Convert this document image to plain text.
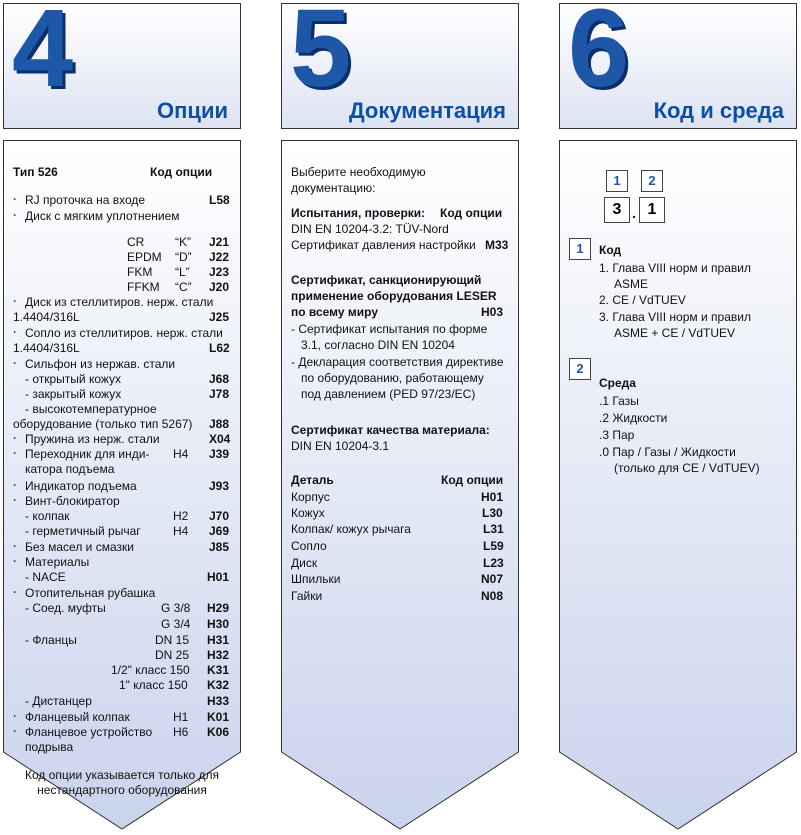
4
Опции
5
Документация
6
Код и среда
Тип 526	Код опции
· RJ проточка на входе	L58
· Диск с мягким уплотнением
CR	“K” J21
EPDM “D” J22
FKM “L” J23
FFKM “C” J20
· Диск из стеллитиров. нерж. стали
1.4404/316L	J25
· Сопло из стеллитиров. нерж. стали
1.4404/316L	L62
· Сильфон из нержав. стали
- открытый кожух	J68
- закрытый кожух	J78
- высокотемпературное
оборудование (только тип 5267) J88
· Пружина из нерж. стали	X04
· Переходник для инди- H4 J39
катора подъема
· Индикатор подъема	J93
· Винт-блокиратор
- колпак	H2 J70
- герметичный рычаг	H4 J69
· Без масел и смазки	J85
· Материалы
- NACE	H01
· Отопительная рубашка
- Соед. муфты	G 3/8 H29
G 3/4 H30
- Фланцы	DN 15 H31
DN 25 H32
1/2" класс 150 K31
1" класс 150 K32
- Дистанцер	H33
· Фланцевый колпак	H1 K01
· Фланцевое устройство H6 K06
подрыва
Код опции указывается только для
нестандартного оборудования
Выберите необходимую
документацию:
Испытания, проверки: Код опции
DIN EN 10204-3.2: TÜV-Nord
Сертификат давления настройки M33
Сертификат, санкционирующий
применение оборудования LESER
по всему миру	H03
- Сертификат испытания по форме
3.1, согласно DIN EN 10204
- Декларация соответствия директиве
по оборудованию, работающему
под давлением (PED 97/23/EC)
Сертификат качества материала:
DIN EN 10204-3.1
Деталь	Код опции
Корпус	H01
Кожух	L30
Колпак/ кожух рычага	L31
Сопло	L59
Диск	L23
Шпильки	N07
Гайки	N08
1	2
3 . 1
1	Код
1. Глава VIII норм и правил
ASME
2. CE / VdTUEV
3. Глава VIII норм и правил
ASME + CE / VdTUEV
2
Среда
.1 Газы
.2 Жидкости
.3 Пар
.0 Пар / Газы / Жидкости
(только для CE / VdTUEV)
